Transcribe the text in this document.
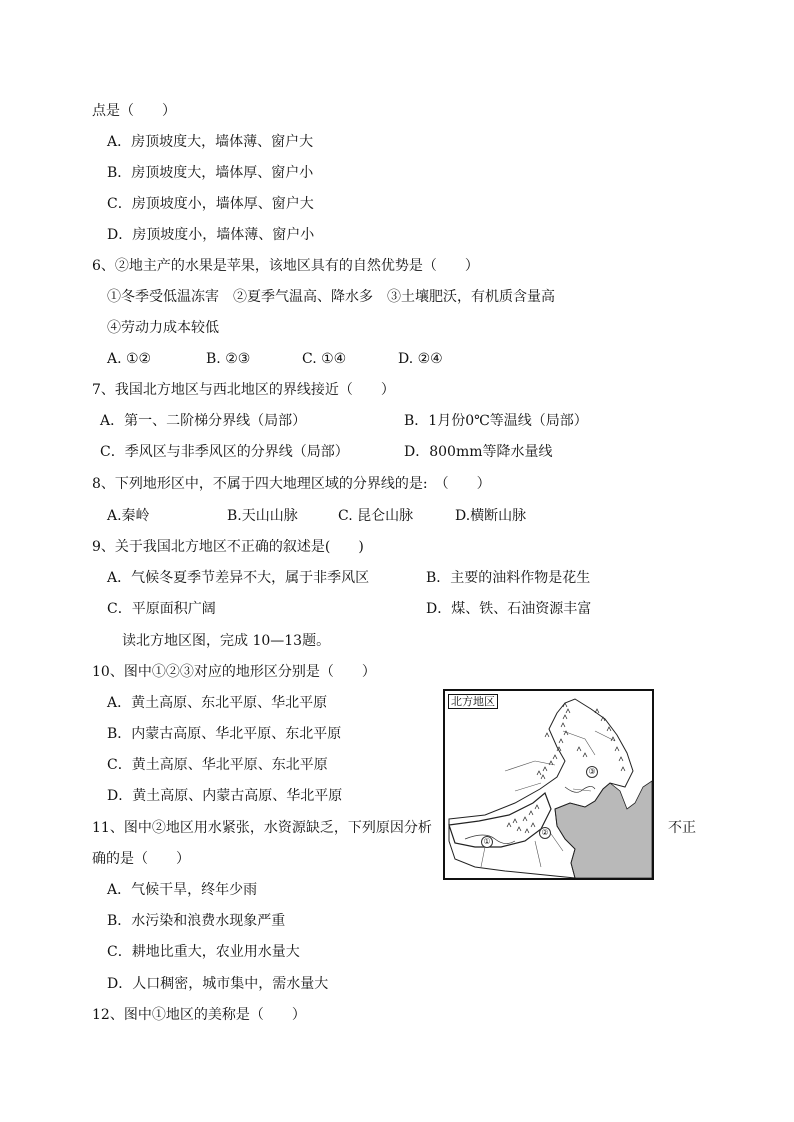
点是（　　）
A．房顶坡度大，墙体薄、窗户大
B．房顶坡度大，墙体厚、窗户小
C．房顶坡度小，墙体厚、窗户大
D．房顶坡度小，墙体薄、窗户小
6、②地主产的水果是苹果，该地区具有的自然优势是（　　）
①冬季受低温冻害　②夏季气温高、降水多　③土壤肥沃，有机质含量高
④劳动力成本较低
A. ①②	B. ②③	C. ①④	D. ②④
7、我国北方地区与西北地区的界线接近（　　）
A．第一、二阶梯分界线（局部）	B．1月份0℃等温线（局部）
C．季风区与非季风区的分界线（局部）	D．800mm等降水量线
8、下列地形区中，不属于四大地理区域的分界线的是:　（　　）
A.秦岭	B.天山山脉	C. 昆仑山脉	D.横断山脉
9、关于我国北方地区不正确的叙述是(　　)
A．气候冬夏季节差异不大，属于非季风区	B．主要的油料作物是花生
C．平原面积广阔	D．煤、铁、石油资源丰富
读北方地区图，完成 10—13题。
10、图中①②③对应的地形区分别是（　　）
A．黄土高原、东北平原、华北平原
B．内蒙古高原、华北平原、东北平原
C．黄土高原、华北平原、东北平原
D．黄土高原、内蒙古高原、华北平原
11、图中②地区用水紧张，水资源缺乏，下列原因分析	不正
确的是（　　）
A．气候干旱，终年少雨
B．水污染和浪费水现象严重
C．耕地比重大，农业用水量大
D．人口稠密，城市集中，需水量大
12、图中①地区的美称是（　　）
北方地区
①
②
③
